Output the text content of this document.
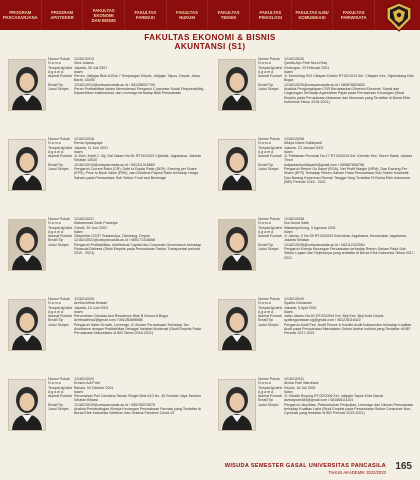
PROGRAM
PASCASARJANA
PROGRAM
APOTEKER
FAKULTAS EKONOMI
DAN BISNIS
FAKULTAS
FARMASI
FAKULTAS
HUKUM
FAKULTAS
TEKNIK
FAKULTAS
PSIKOLOGI
FAKULTAS ILMU
KOMUNIKASI
FAKULTAS
PARIWISATA
FAKULTAS EKONOMI & BISNIS
AKUNTANSI (S1)
Nomor Pokok	1218210013
N a m a	Vina Juliana
Tempat,tgl.lahir Jakarta, 30 Juli 2001
A g a m a	Islam
Alamat Rumah Perum. Jatijajar Blok A1/No.7 Simpangan Depok, Jatijajar, Tapos, Depok, Jawa Barat, 16455
Email/Tlp	1218210013@univpancasila.ac.id / 081288537700
Judul Skripsi	Peran Profitabilitas dalam Memoderasi Pengaruh Corporate Social Responsibility, Kepemilikan Institusional, dan Leverage terhadap Nilai Perusahaan
Nomor Pokok	1218210018
N a m a	Rema Syadayaya
Tempat,tgl.lahir Jakarta, 11 Juni 2001
A g a m a	Islam
Alamat Rumah Jl. Moh. Kahfi 2, Gg. Dal Dalam No.81 RT.001/003 Cipedak, Jagakarsa, Jakarta Selatan 12630
Email/Tlp	1218210018@univpancasila.ac.id / 081311918883
Judul Skripsi	Pengaruh Current Ratio (CR), Debt to Equity Ratio (DER), Earning per Share (EPS), Price to Book Value (PBV), dan Dividend Payout Ratio terhadap Harga Saham pada Perusahaan Sub Sektor Food and Beverage
Nomor Pokok	1218210021
N a m a	Mahammad Zufar Prasetya
Tempat,tgl.lahir Gresik, 30 Juni 2001
A g a m a	Islam
Alamat Rumah Vilapertiwi G2/37 Sukamulya, Cibubang, Depok
Email/Tlp	1218210021@univpancasila.ac.id / 085171318858
Judul Skripsi	Pengaruh Profitabilitas, Intellectual Capital dan Corporate Governance terhadap Financial Distress (Studi Empiris pada Perusahaan Sektor Transportasi periode 2019 - 2021)
Nomor Pokok	1218210026
N a m a	Aretha Afrina Ikhwan
Tempat,tgl.lahir Jakarta, 15 Juni 2001
A g a m a	Islam
Alamat Rumah Perumahan Cibodas Asri Residence Blok B Nomor 8 Bogor
Email/Tlp	Arethaafrina2@gmail.com / 081280898988
Judul Skripsi	Pengaruh Sales Growth, Leverage, & Ukuran Perusahaan Terhadap Tax Avoidance dengan Profitabilitas Sebagai Variabel Moderasi (Studi Empiris Pada Perusahaan Manufaktur di BEI Tahun 2018-2021)
Nomor Pokok	1218210029
N a m a	Kresno Adi Putri
Tempat,tgl.lahir Bekasi, 04 Oktober 2001
A g a m a	Islam
Alamat Rumah Perumahan Puri Cendana Taman Ringin Blok A10 No. 40 Sumber Jaya Tambun Selatan Bekasi
Email/Tlp	1218210029@univpancasila.ac.id / 085755075575
Judul Skripsi	Analisa Perbandingan Kinerja Keuangan Perusahaan Farmasi yang Terdaftar di Bursa Efek Indonesia Sebelum dan Selama Pandemi Covid-19
Nomor Pokok	1218210030
N a m a	Qanita Ayu Putri Nurul Haq
Tempat,tgl.lahir Grobogan, 23 Februari 2001
A g a m a	Islam
Alamat Rumah Jl. Kemuning IV/2 Citayam Dalam RT.001/013 Kel. Citayam Kec. Tajurhalang Kab. Bogor
Email/Tlp	1218210030@univpancasila.ac.id / 089678825602
Judul Skripsi	Analisis Pengungkapan CSR Berdasarkan Dimensi Ekonomi, Sosial dan Lingkungan Terhadap Agresivitas Pajak pada Perusahaan Keuangan (Studi Empiris pada Perusahaan Makanan dan Minuman yang Terdaftar di Bursa Efek Indonesia Tahun 2018-2021)
Nomor Pokok	1218210036
N a m a	Widya Utami Sulistyanti
Tempat,tgl.lahir Jakarta, 23 Januari 2002
A g a m a	Islam
Alamat Rumah Jl. Pahlawan Revolusi No.17 RT.004/015 Kel. Klender Kec. Duren Sawit, Jakarta Timur
Email/Tlp	wdyautamisulistyanti@gmail.com / 089687808758
Judul Skripsi	Pengaruh Return On Asset (ROA), Net Profit Margin (NPM), Dan Earning Per Share (EPS) Terhadap Return Saham Pada Perusahaan Sub Sektor Kosmetik Dan Barang Keperluan Rumah Tangga Yang Terdaftar Di Bursa Efek Indonesia (BEI) Periode 2016 - 2021
Nomor Pokok	1218210038
N a m a	Nur Azura Salfe
Tempat,tgl.lahir Wasampomong, 9 Agustus 2001
A g a m a	Islam
Alamat Rumah Jl. Jamsu, II No.39 RT.004/002 Kelurahan Jagakarsa, Kecamatan Jagakarsa, Jakarta Selatan
Email/Tlp	1218210038@univpancasila.ac.id / 082112323064
Judul Skripsi	Pengaruh Kinerja Keuangan Perusahaan terhadap Return Saham Pada Sub Sektor Logam dan Sejenisnya yang terdaftar di Bursa Efek Indonesia Tahun 2017-2021
Nomor Pokok	1218210040
N a m a	Syafira Gunawan
Tempat,tgl.lahir Jakarta, 9 April 2001
A g a m a	Islam
Alamat Rumah Jalan Jambu No.61 RT.002/004 Kel. Beji Kec. Beji Kota Depok
Email/Tlp	syafiragunawan.sg@gmail.com / 081228116422
Judul Skripsi	Pengaruh Audit Fee, Audit Tenure & Komite Audit Independen terhadap Kualitas Audit pada Perusahaan Manufaktur Sektor Aneka Industri yang Terdaftar di BEI Periode 2017-2021
Nomor Pokok	1218210041
N a m a	Alvina Putri Wardhani
Tempat,tgl.lahir Depok, 16 Juli 2001
A g a m a	Islam
Alamat Rumah Jl. Gelatik Ruyung RT.007/006 Kel. Jatijajar Tapos Kota Depok
Email/Tlp	alvinaiputri484@gmail.com / 081808111101
Judul Skripsi	Pengaruh Likuiditas, Pertumbuhan Penjualan, Leverage dan Ukuran Perusahaan terhadap Kualitas Laba (Studi Empiris pada Perusahaan Sektor Consumer Non-Cyclicals yang terdaftar di BEI Periode 2019-2021)
WISUDA SEMESTER GASAL UNIVERSITAS PANCASILA
TAHUN AKADEMIK 2022/2023
165
